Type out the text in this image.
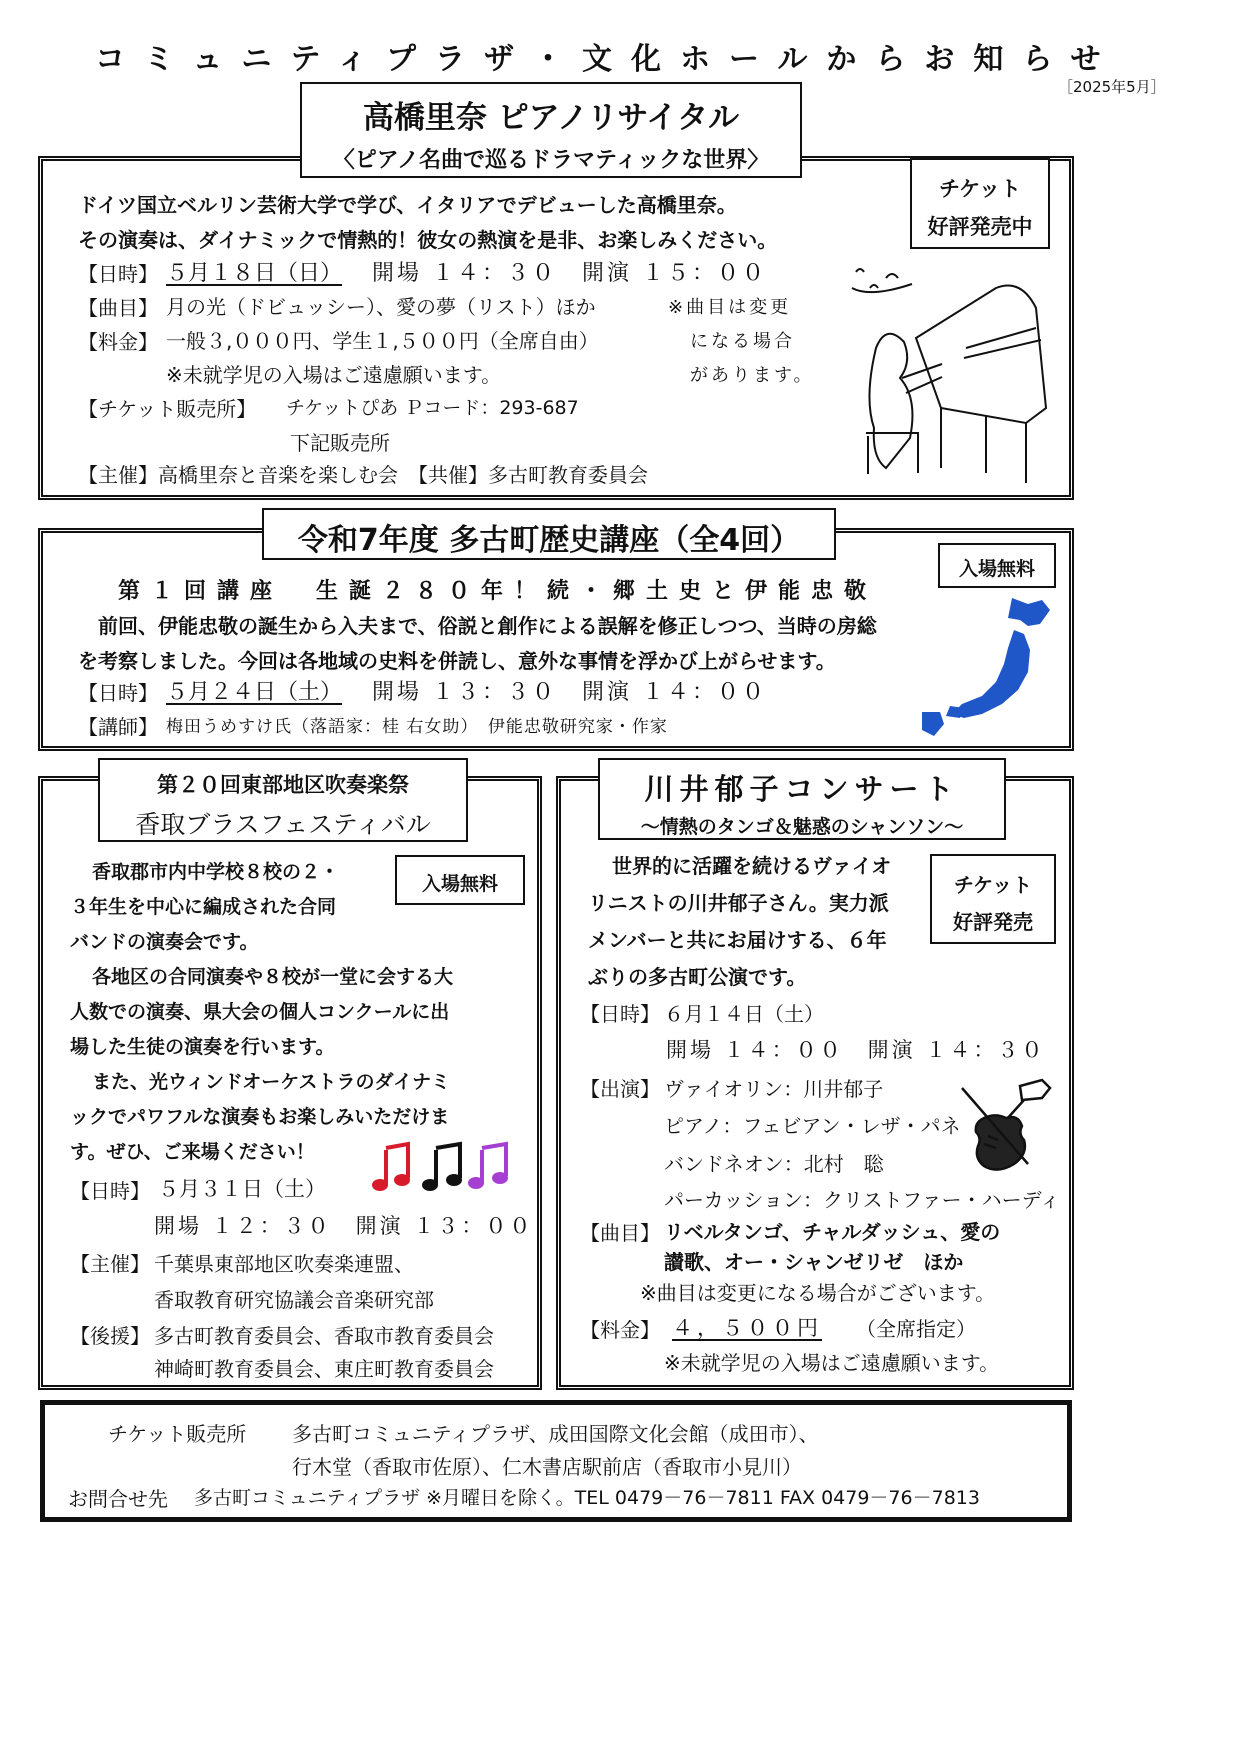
コミュニティプラザ・文化ホールからお知らせ
［2025年5月］
高橋里奈 ピアノリサイタル
〈ピアノ名曲で巡るドラマティックな世界〉
チケット
好評発売中
ドイツ国立ベルリン芸術大学で学び、イタリアでデビューした高橋里奈。
その演奏は、ダイナミックで情熱的！彼女の熱演を是非、お楽しみください。
【日時】 ５月１８日（日） 開場 １４：３０　開演 １５：００
【曲目】 月の光（ドビュッシー）、愛の夢（リスト）ほか	※曲目は変更
になる場合
があります。
【料金】 一般３,０００円、学生１,５００円（全席自由）
※未就学児の入場はご遠慮願います。
【チケット販売所】 チケットぴあ Ｐコード：293-687
下記販売所
【主催】高橋里奈と音楽を楽しむ会　【共催】多古町教育委員会
令和7年度 多古町歴史講座（全4回）
入場無料
第１回講座　生誕２８０年！続・郷土史と伊能忠敬
前回、伊能忠敬の誕生から入夫まで、俗説と創作による誤解を修正しつつ、当時の房総
を考察しました。今回は各地域の史料を併読し、意外な事情を浮かび上がらせます。
【日時】 ５月２４日（土） 開場 １３：３０　開演 １４：００
【講師】 梅田うめすけ氏（落語家：桂 右女助）　伊能忠敬研究家・作家
第２０回東部地区吹奏楽祭
香取ブラスフェスティバル
入場無料
香取郡市内中学校８校の２・
３年生を中心に編成された合同
バンドの演奏会です。
各地区の合同演奏や８校が一堂に会する大
人数での演奏、県大会の個人コンクールに出
場した生徒の演奏を行います。
また、光ウィンドオーケストラのダイナミ
ックでパワフルな演奏もお楽しみいただけま
す。ぜひ、ご来場ください！
【日時】 ５月３１日（土）
開場 １２：３０　開演 １３：００
【主催】 千葉県東部地区吹奏楽連盟、
香取教育研究協議会音楽研究部
【後援】 多古町教育委員会、香取市教育委員会
神崎町教育委員会、東庄町教育委員会
川井郁子コンサート
～情熱のタンゴ＆魅惑のシャンソン～
チケット
好評発売
世界的に活躍を続けるヴァイオ
リニストの川井郁子さん。実力派
メンバーと共にお届けする、６年
ぶりの多古町公演です。
【日時】 ６月１４日（土）
開場 １４：００　開演 １４：３０
【出演】 ヴァイオリン：川井郁子
ピアノ：フェビアン・レザ・パネ
バンドネオン：北村　聡
パーカッション：クリストファー・ハーディ
【曲目】 リベルタンゴ、チャルダッシュ、愛の
讃歌、オー・シャンゼリゼ　ほか
※曲目は変更になる場合がございます。
【料金】 ４，５００円 （全席指定）
※未就学児の入場はご遠慮願います。
チケット販売所 多古町コミュニティプラザ、成田国際文化会館（成田市）、
行木堂（香取市佐原）、仁木書店駅前店（香取市小見川）
お問合せ先 多古町コミュニティプラザ ※月曜日を除く。TEL 0479－76－7811 FAX 0479－76－7813
